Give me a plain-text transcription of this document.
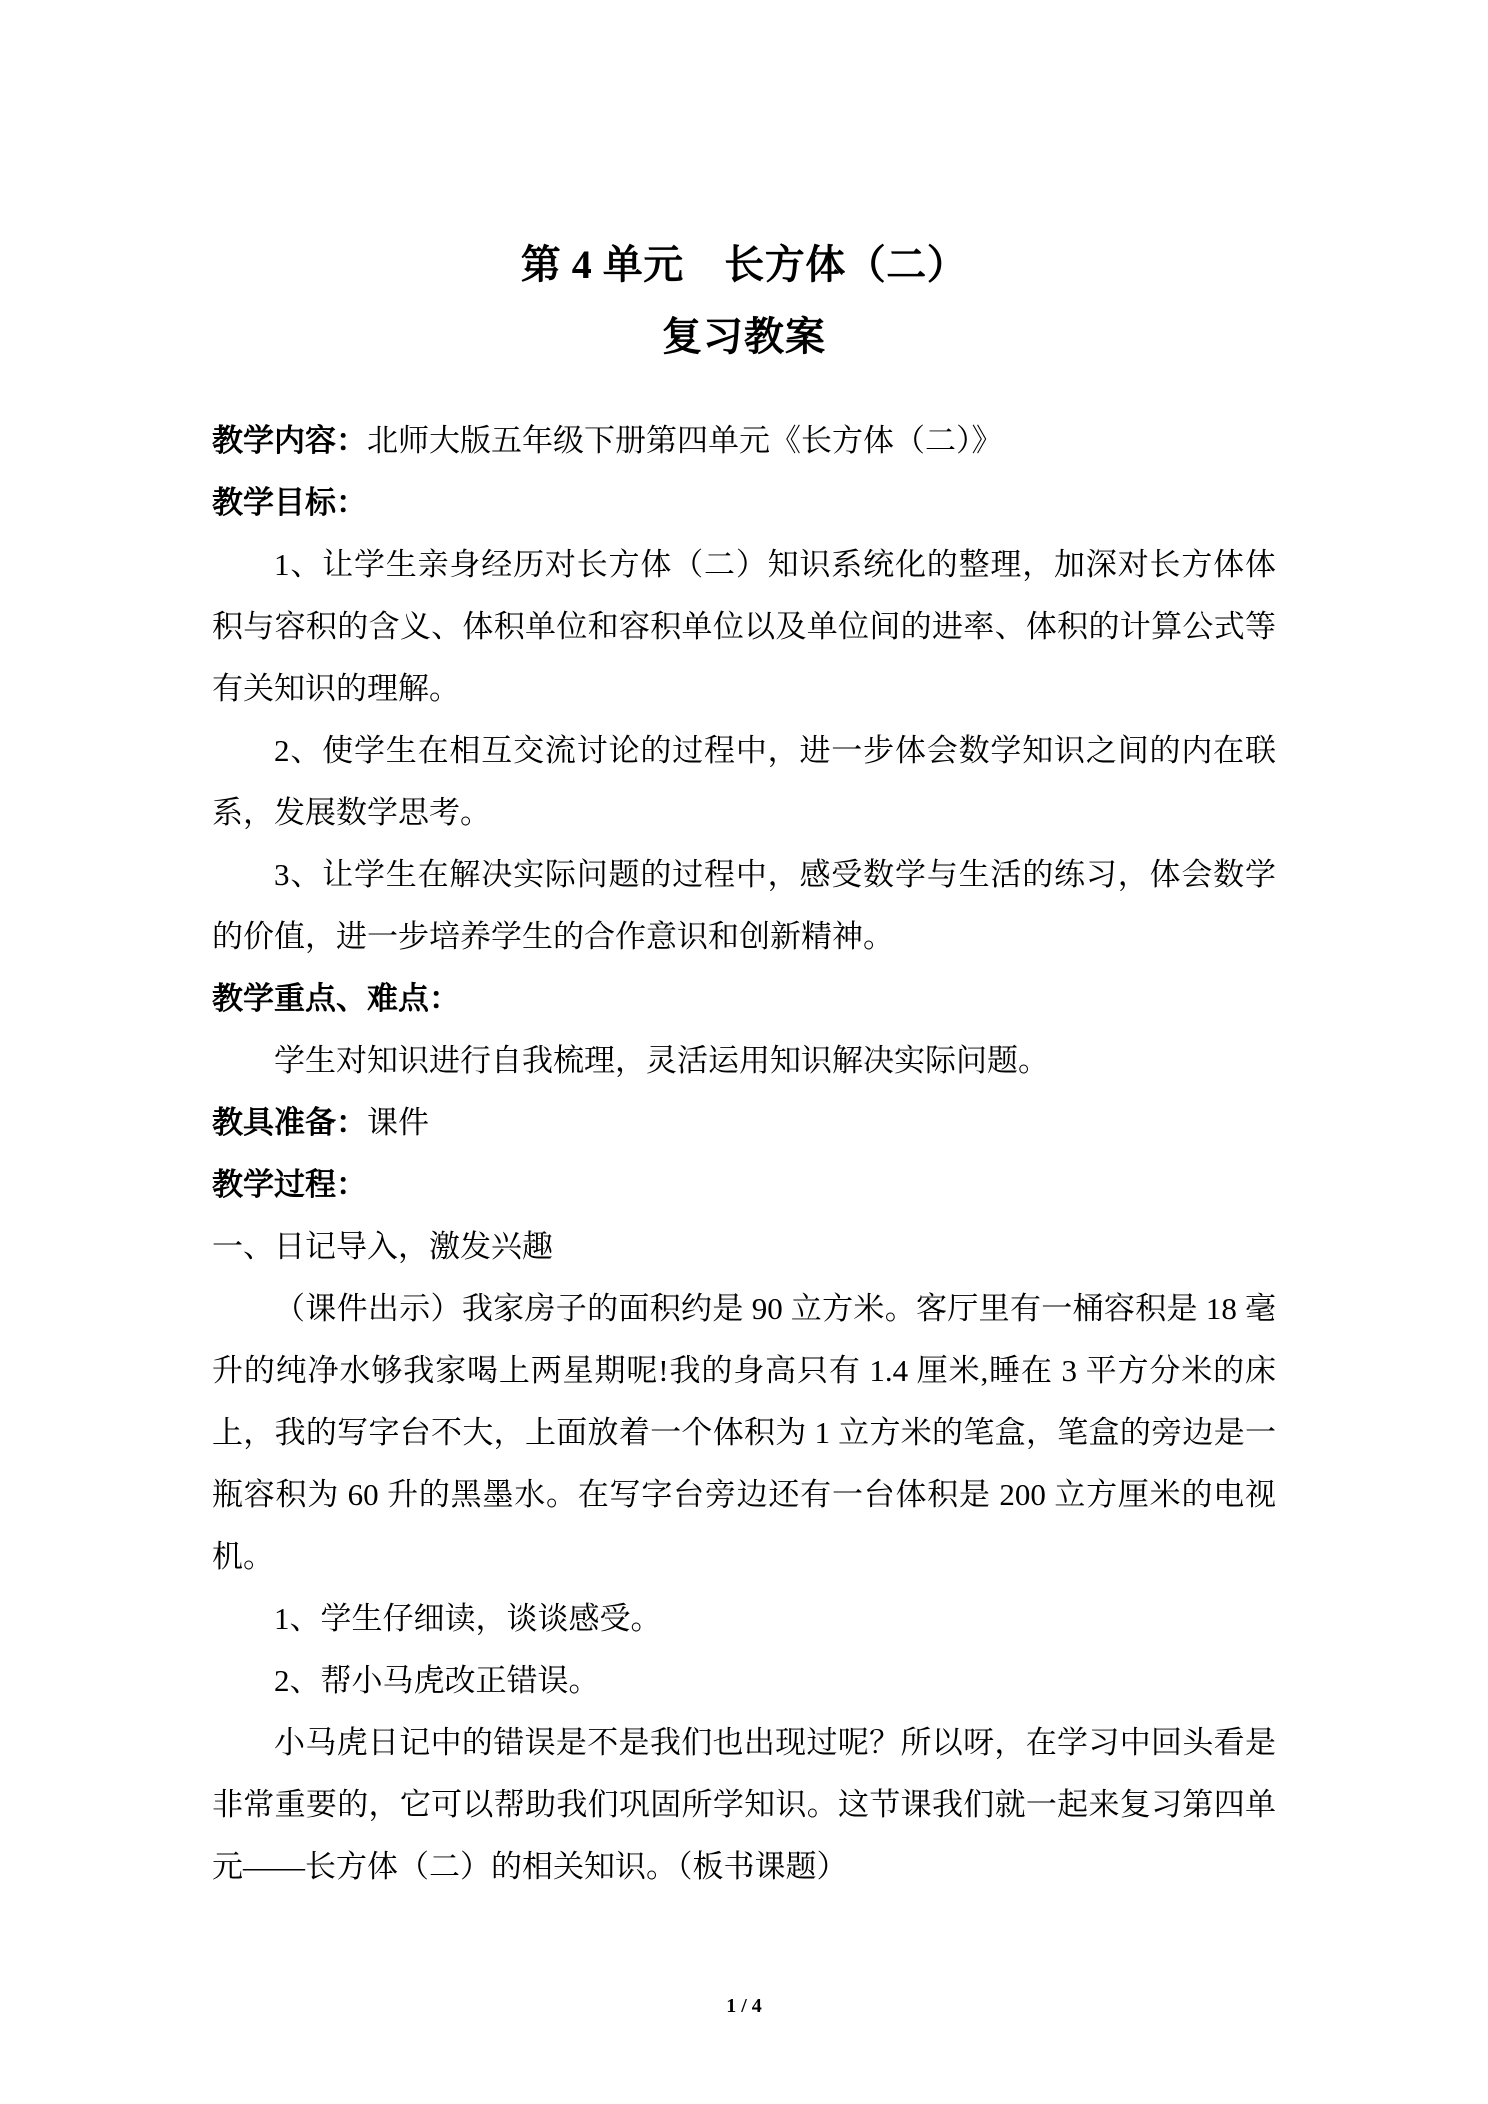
第 4 单元　长方体（二）
复习教案

教学内容：北师大版五年级下册第四单元《长方体（二）》

教学目标：

1、让学生亲身经历对长方体（二）知识系统化的整理，加深对长方体体积与容积的含义、体积单位和容积单位以及单位间的进率、体积的计算公式等有关知识的理解。

2、使学生在相互交流讨论的过程中，进一步体会数学知识之间的内在联系，发展数学思考。

3、让学生在解决实际问题的过程中，感受数学与生活的练习，体会数学的价值，进一步培养学生的合作意识和创新精神。

教学重点、难点：

学生对知识进行自我梳理，灵活运用知识解决实际问题。

教具准备：课件

教学过程：

一、日记导入，激发兴趣

（课件出示）我家房子的面积约是 90 立方米。客厅里有一桶容积是 18 毫升的纯净水够我家喝上两星期呢!我的身高只有 1.4 厘米,睡在 3 平方分米的床上，我的写字台不大，上面放着一个体积为 1 立方米的笔盒，笔盒的旁边是一瓶容积为 60 升的黑墨水。在写字台旁边还有一台体积是 200 立方厘米的电视机。

1、学生仔细读，谈谈感受。

2、帮小马虎改正错误。

小马虎日记中的错误是不是我们也出现过呢？所以呀，在学习中回头看是非常重要的，它可以帮助我们巩固所学知识。这节课我们就一起来复习第四单元——长方体（二）的相关知识。（板书课题）

1 / 4
